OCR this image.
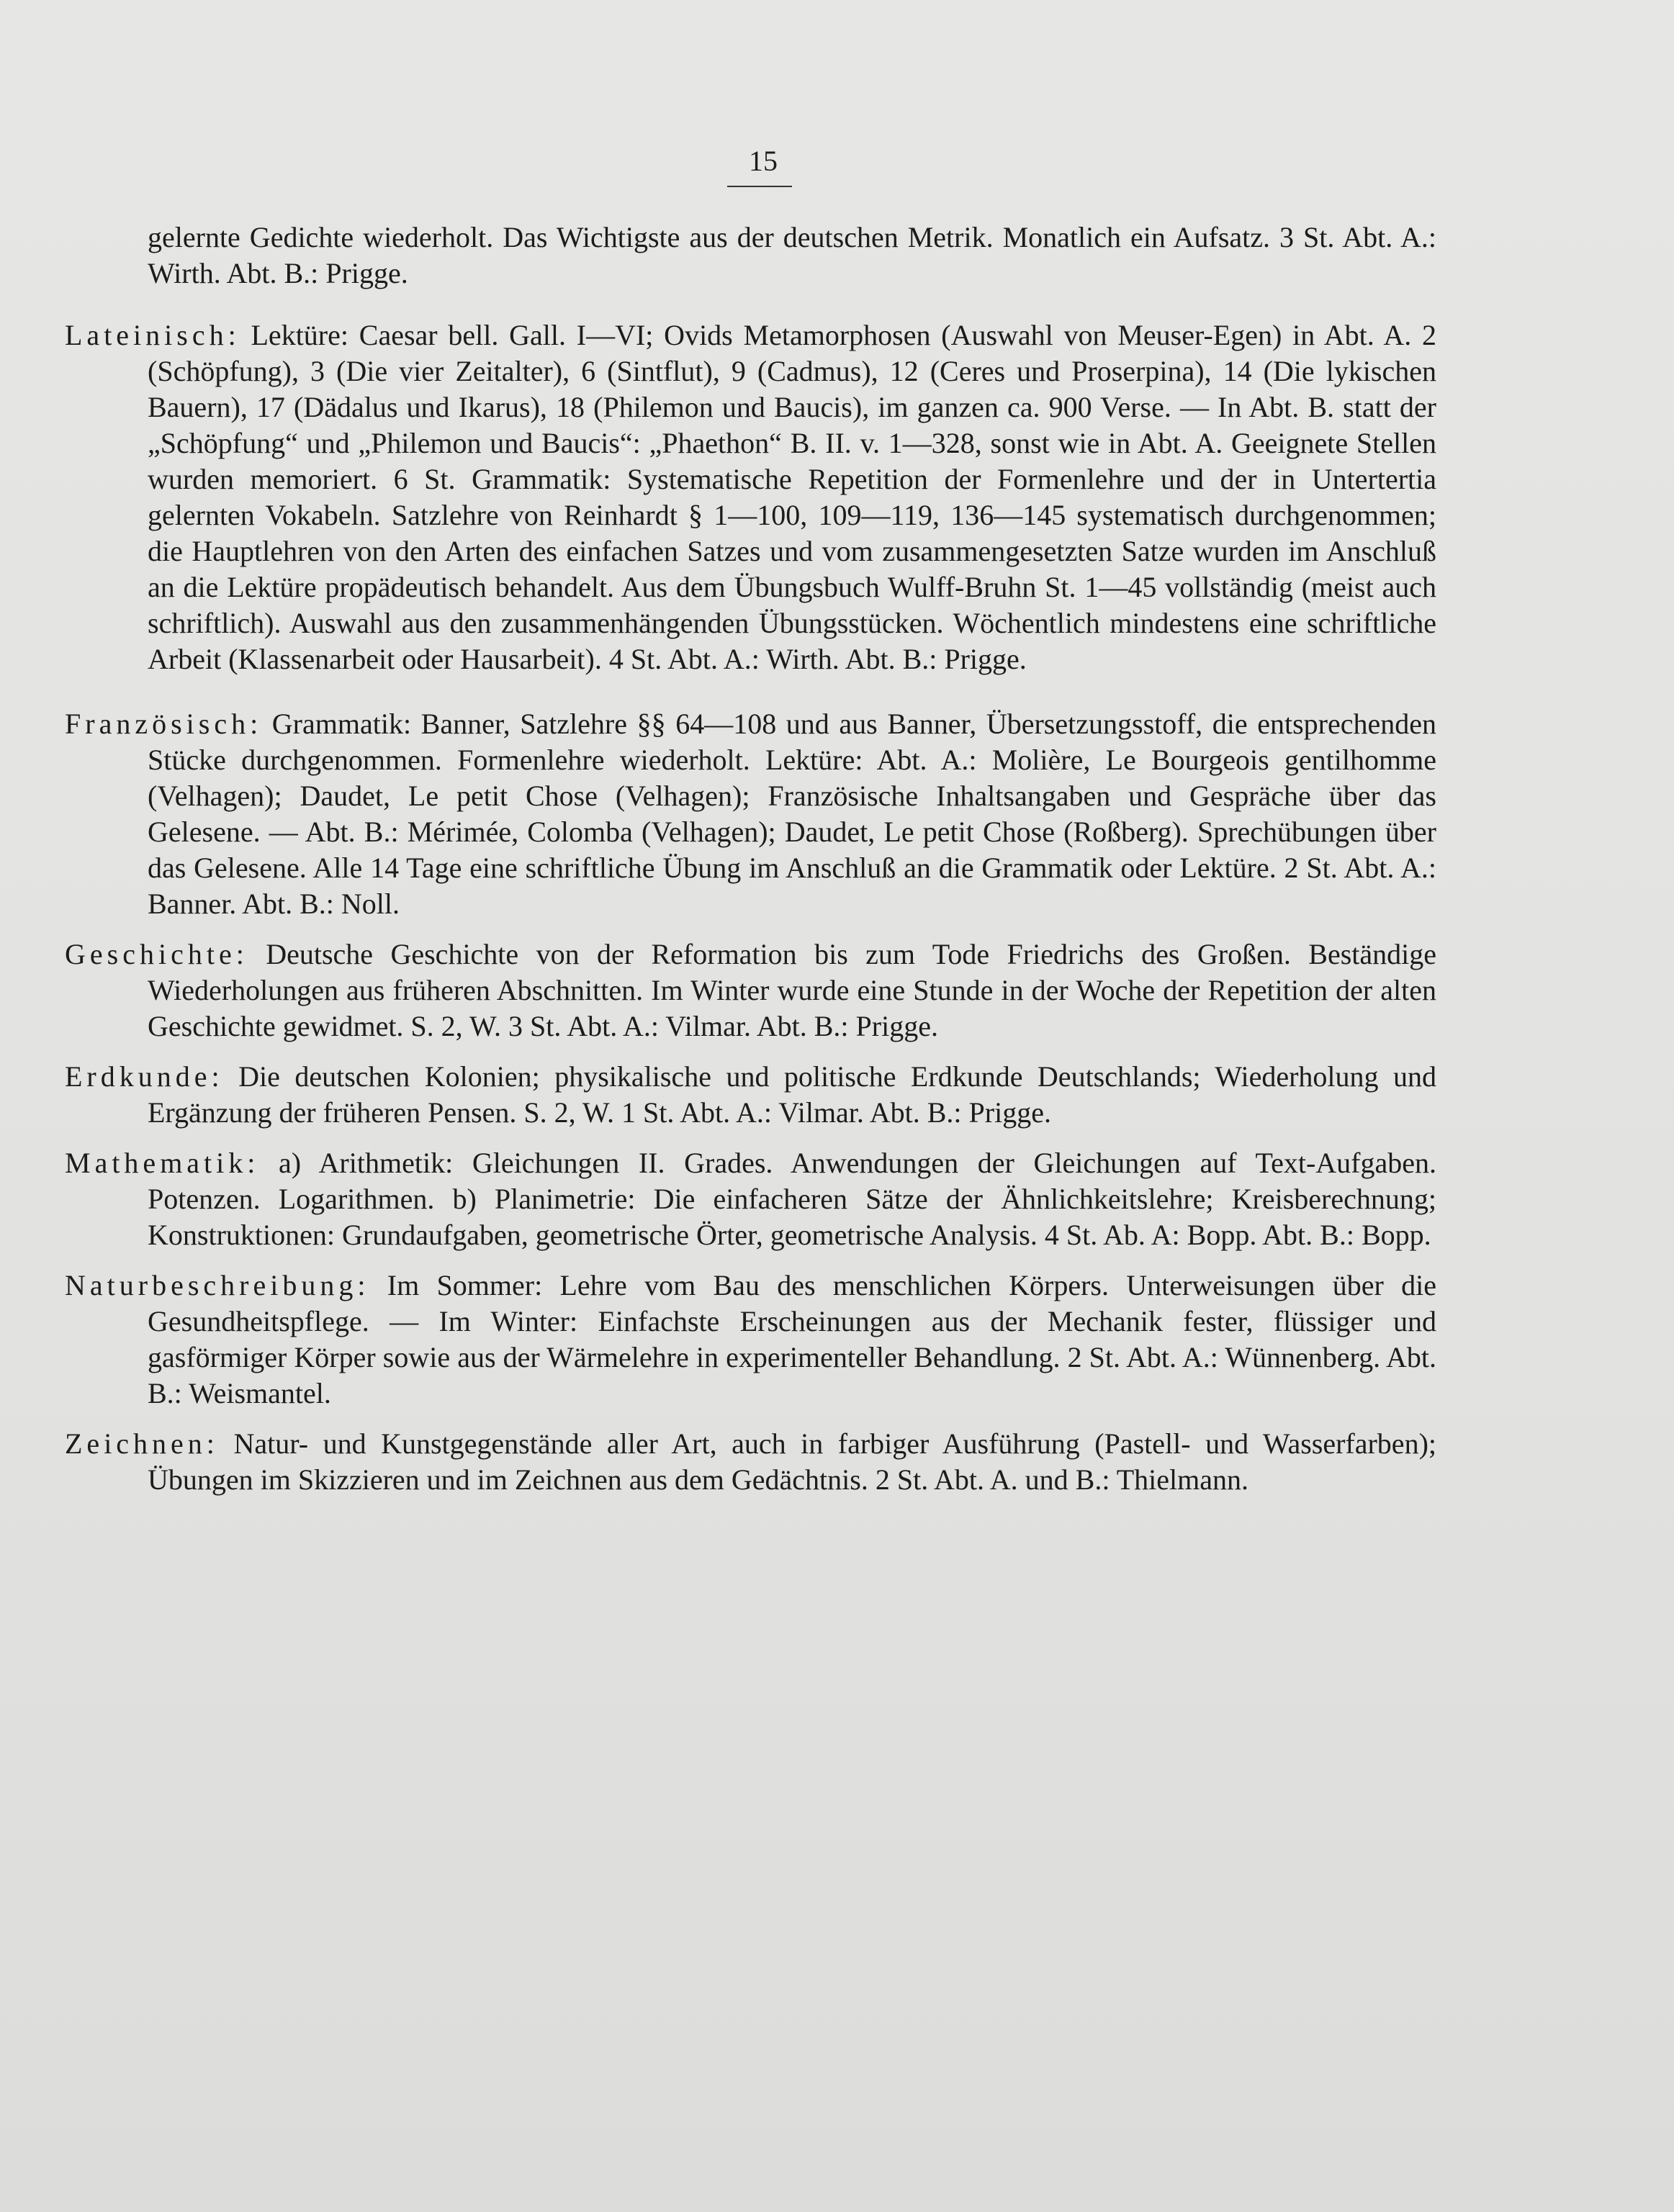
15

gelernte Gedichte wiederholt. Das Wichtigste aus der deutschen Metrik. Monatlich ein Aufsatz. 3 St. Abt. A.: Wirth. Abt. B.: Prigge.

Lateinisch: Lektüre: Caesar bell. Gall. I—VI; Ovids Metamorphosen (Auswahl von Meuser-Egen) in Abt. A. 2 (Schöpfung), 3 (Die vier Zeitalter), 6 (Sintflut), 9 (Cadmus), 12 (Ceres und Proserpina), 14 (Die lykischen Bauern), 17 (Dädalus und Ikarus), 18 (Philemon und Baucis), im ganzen ca. 900 Verse. — In Abt. B. statt der „Schöpfung“ und „Philemon und Baucis“: „Phaethon“ B. II. v. 1—328, sonst wie in Abt. A. Geeignete Stellen wurden memoriert. 6 St. Grammatik: Systematische Repetition der Formenlehre und der in Untertertia gelernten Vokabeln. Satzlehre von Reinhardt § 1—100, 109—119, 136—145 systematisch durchgenommen; die Hauptlehren von den Arten des einfachen Satzes und vom zusammengesetzten Satze wurden im Anschluß an die Lektüre propädeutisch behandelt. Aus dem Übungsbuch Wulff-Bruhn St. 1—45 vollständig (meist auch schriftlich). Auswahl aus den zusammenhängenden Übungsstücken. Wöchentlich mindestens eine schriftliche Arbeit (Klassenarbeit oder Hausarbeit). 4 St. Abt. A.: Wirth. Abt. B.: Prigge.

Französisch: Grammatik: Banner, Satzlehre §§ 64—108 und aus Banner, Übersetzungsstoff, die entsprechenden Stücke durchgenommen. Formenlehre wiederholt. Lektüre: Abt. A.: Molière, Le Bourgeois gentilhomme (Velhagen); Daudet, Le petit Chose (Velhagen); Französische Inhaltsangaben und Gespräche über das Gelesene. — Abt. B.: Mérimée, Colomba (Velhagen); Daudet, Le petit Chose (Roßberg). Sprechübungen über das Gelesene. Alle 14 Tage eine schriftliche Übung im Anschluß an die Grammatik oder Lektüre. 2 St. Abt. A.: Banner. Abt. B.: Noll.

Geschichte: Deutsche Geschichte von der Reformation bis zum Tode Friedrichs des Großen. Beständige Wiederholungen aus früheren Abschnitten. Im Winter wurde eine Stunde in der Woche der Repetition der alten Geschichte gewidmet. S. 2, W. 3 St. Abt. A.: Vilmar. Abt. B.: Prigge.

Erdkunde: Die deutschen Kolonien; physikalische und politische Erdkunde Deutschlands; Wiederholung und Ergänzung der früheren Pensen. S. 2, W. 1 St. Abt. A.: Vilmar. Abt. B.: Prigge.

Mathematik: a) Arithmetik: Gleichungen II. Grades. Anwendungen der Gleichungen auf Text-Aufgaben. Potenzen. Logarithmen. b) Planimetrie: Die einfacheren Sätze der Ähnlichkeitslehre; Kreisberechnung; Konstruktionen: Grundaufgaben, geometrische Örter, geometrische Analysis. 4 St. Ab. A: Bopp. Abt. B.: Bopp.

Naturbeschreibung: Im Sommer: Lehre vom Bau des menschlichen Körpers. Unterweisungen über die Gesundheitspflege. — Im Winter: Einfachste Erscheinungen aus der Mechanik fester, flüssiger und gasförmiger Körper sowie aus der Wärmelehre in experimenteller Behandlung. 2 St. Abt. A.: Wünnenberg. Abt. B.: Weismantel.

Zeichnen: Natur- und Kunstgegenstände aller Art, auch in farbiger Ausführung (Pastell- und Wasserfarben); Übungen im Skizzieren und im Zeichnen aus dem Gedächtnis. 2 St. Abt. A. und B.: Thielmann.
